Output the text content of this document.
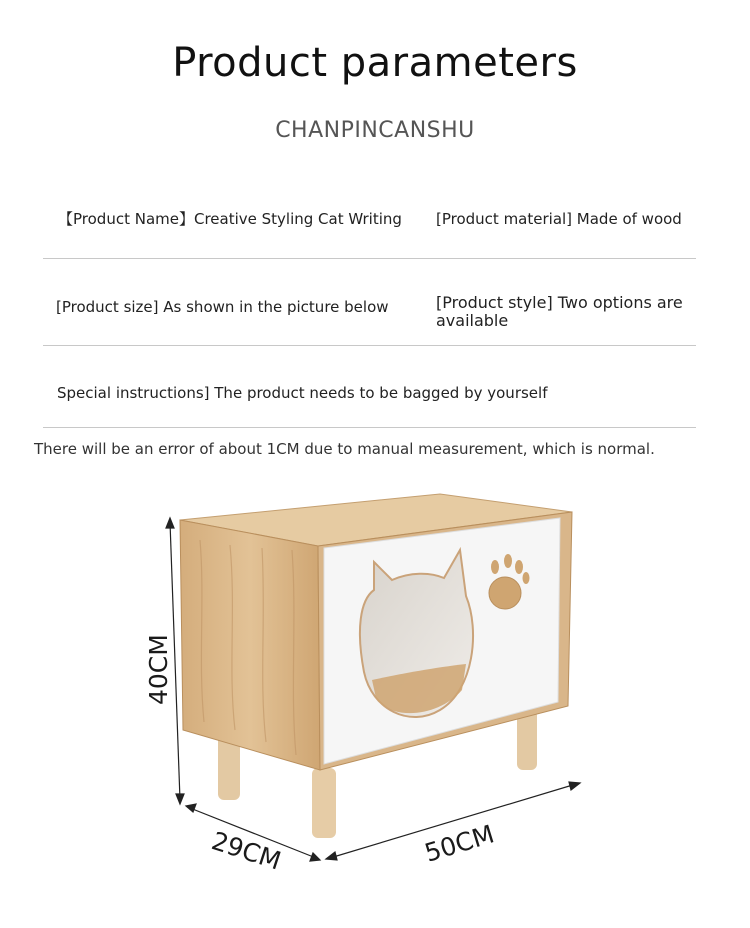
Product parameters
CHANPINCANSHU
【Product Name】Creative Styling Cat Writing [Product material] Made of wood
[Product size] As shown in the picture below	[Product style] Two options are available
Special instructions] The product needs to be bagged by yourself
There will be an error of about 1CM due to manual measurement, which is normal.
40CM
29CM	50CM
